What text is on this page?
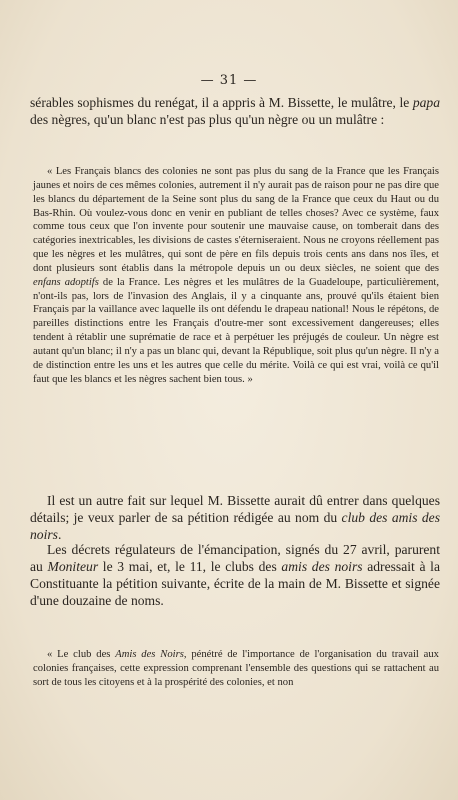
— 31 —

sérables sophismes du renégat, il a appris à M. Bissette, le mulâtre, le papa des nègres, qu'un blanc n'est pas plus qu'un nègre ou un mulâtre :

« Les Français blancs des colonies ne sont pas plus du sang de la France que les Français jaunes et noirs de ces mêmes colonies, autrement il n'y aurait pas de raison pour ne pas dire que les blancs du département de la Seine sont plus du sang de la France que ceux du Haut ou du Bas-Rhin. Où voulez-vous donc en venir en publiant de telles choses? Avec ce système, faux comme tous ceux que l'on invente pour soutenir une mauvaise cause, on tomberait dans des catégories inextricables, les divisions de castes s'éterniseraient. Nous ne croyons réellement pas que les nègres et les mulâtres, qui sont de père en fils depuis trois cents ans dans nos îles, et dont plusieurs sont établis dans la métropole depuis un ou deux siècles, ne soient que des enfans adoptifs de la France. Les nègres et les mulâtres de la Guadeloupe, particulièrement, n'ont-ils pas, lors de l'invasion des Anglais, il y a cinquante ans, prouvé qu'ils étaient bien Français par la vaillance avec laquelle ils ont défendu le drapeau national! Nous le répétons, de pareilles distinctions entre les Français d'outre-mer sont excessivement dangereuses; elles tendent à rétablir une suprématie de race et à perpétuer les préjugés de couleur. Un nègre est autant qu'un blanc; il n'y a pas un blanc qui, devant la République, soit plus qu'un nègre. Il n'y a de distinction entre les uns et les autres que celle du mérite. Voilà ce qui est vrai, voilà ce qu'il faut que les blancs et les nègres sachent bien tous. »

Il est un autre fait sur lequel M. Bissette aurait dû entrer dans quelques détails; je veux parler de sa pétition rédigée au nom du club des amis des noirs.

Les décrets régulateurs de l'émancipation, signés du 27 avril, parurent au Moniteur le 3 mai, et, le 11, le clubs des amis des noirs adressait à la Constituante la pétition suivante, écrite de la main de M. Bissette et signée d'une douzaine de noms.

« Le club des Amis des Noirs, pénétré de l'importance de l'organisation du travail aux colonies françaises, cette expression comprenant l'ensemble des questions qui se rattachent au sort de tous les citoyens et à la prospérité des colonies, et non
